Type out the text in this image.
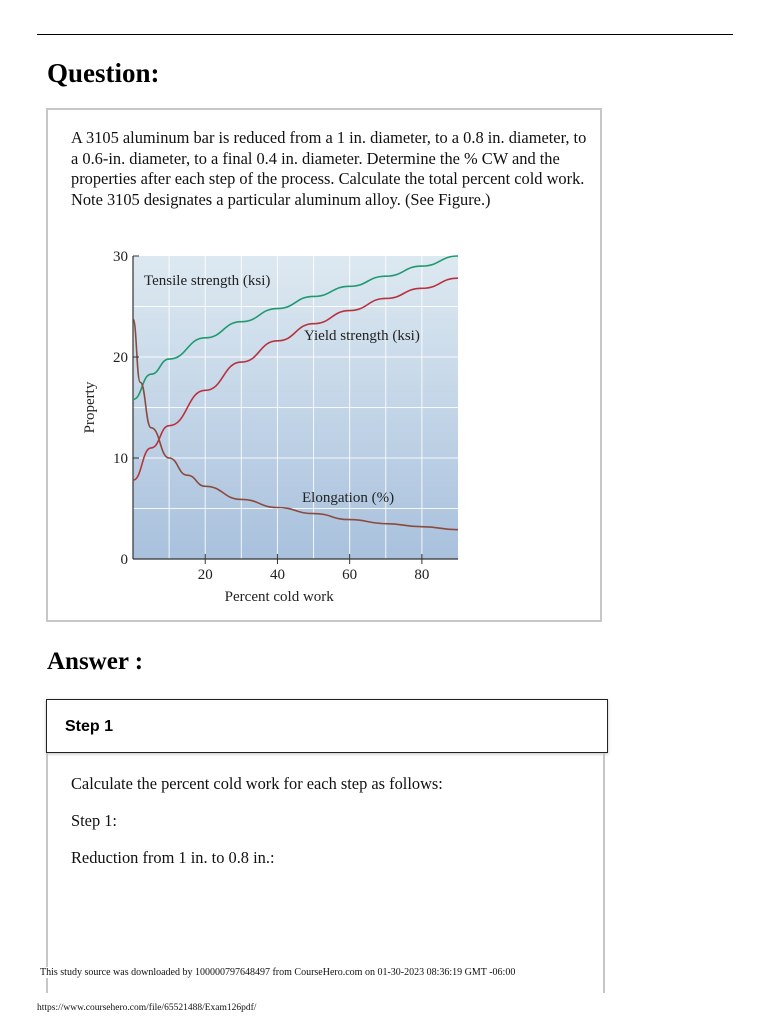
Question:

A 3105 aluminum bar is reduced from a 1 in. diameter, to a 0.8 in. diameter, to a 0.6-in. diameter, to a final 0.4 in. diameter. Determine the % CW and the properties after each step of the process. Calculate the total percent cold work. Note 3105 designates a particular aluminum alloy. (See Figure.)

20	40	60	80
0
10
20
30
Percent cold work
Property
Tensile strength (ksi)
Yield strength (ksi)
Elongation (%)
Answer :

Step 1

Calculate the percent cold work for each step as follows:

Step 1:

Reduction from 1 in. to 0.8 in.:

This study source was downloaded by 100000797648497 from CourseHero.com on 01-30-2023 08:36:19 GMT -06:00

https://www.coursehero.com/file/65521488/Exam126pdf/
